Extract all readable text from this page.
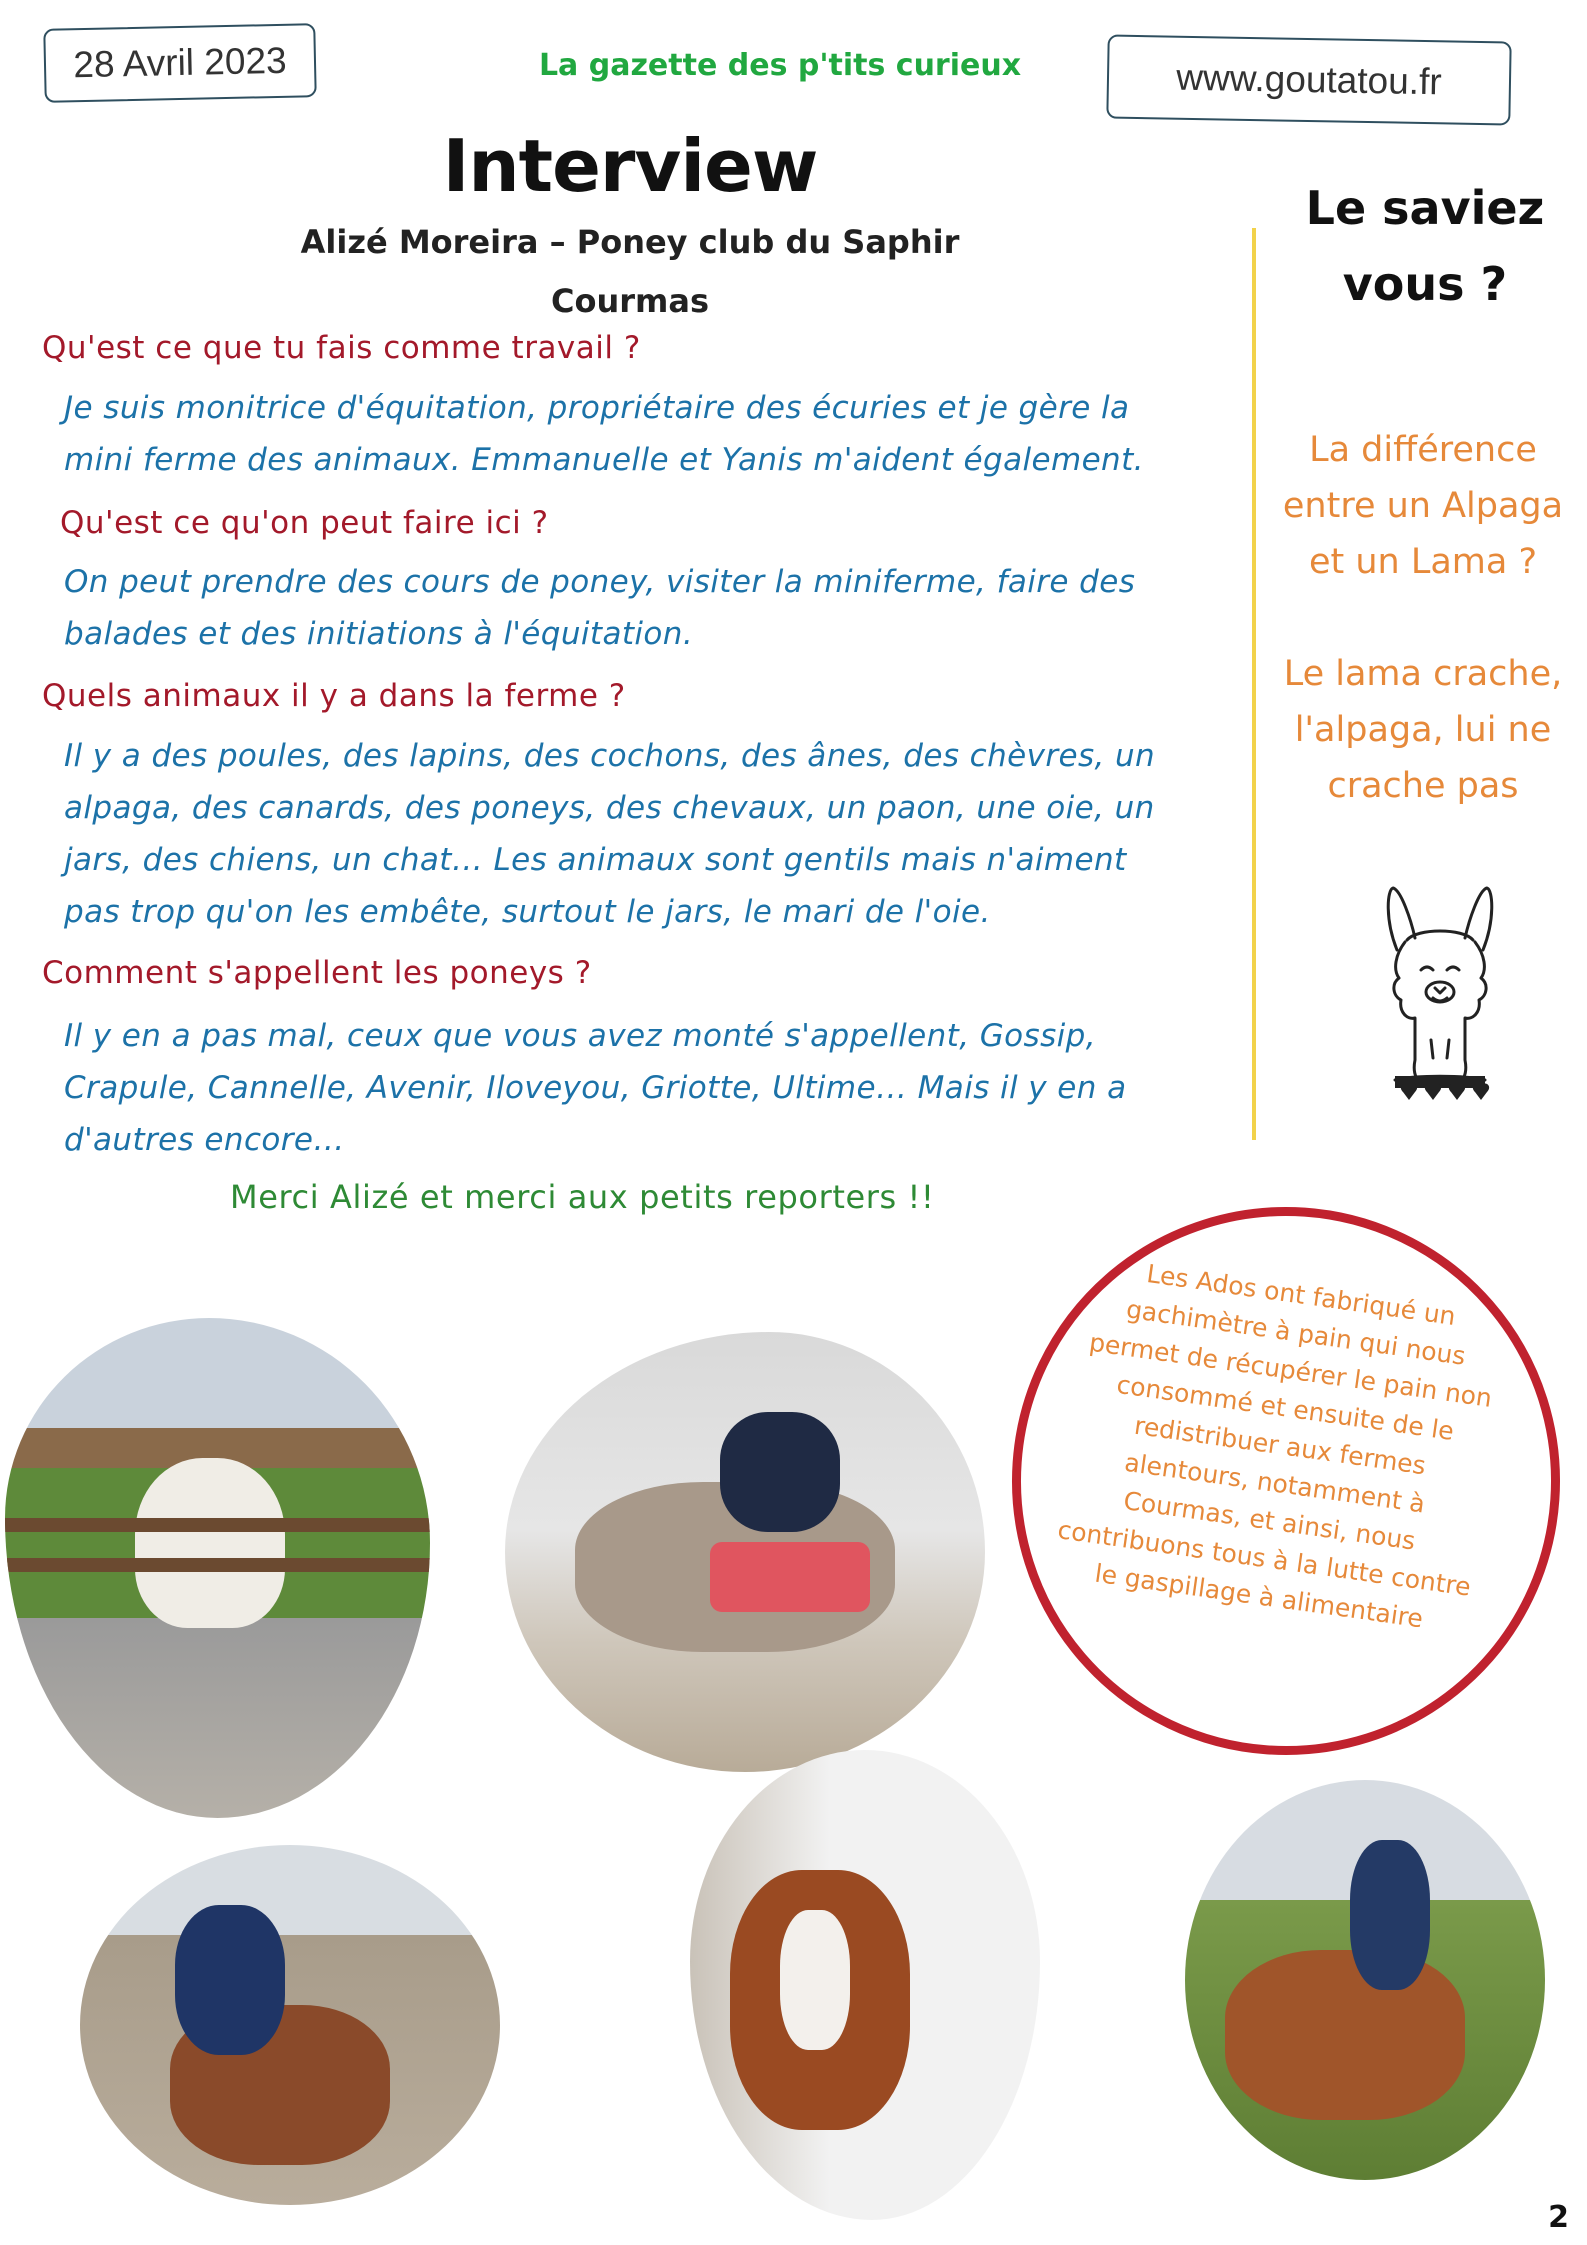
28 Avril 2023	La gazette des p'tits curieux	www.goutatou.fr
Interview
Alizé Moreira – Poney club du Saphir
Courmas
Qu'est ce que tu fais comme travail ?
Je suis monitrice d'équitation, propriétaire des écuries et je gère la
mini ferme des animaux. Emmanuelle et Yanis m'aident également.
Qu'est ce qu'on peut faire ici ?
On peut prendre des cours de poney, visiter la miniferme, faire des
balades et des initiations à l'équitation.
Quels animaux il y a dans la ferme ?
Il y a des poules, des lapins, des cochons, des ânes, des chèvres, un
alpaga, des canards, des poneys, des chevaux, un paon, une oie, un
jars, des chiens, un chat… Les animaux sont gentils mais n'aiment
pas trop qu'on les embête, surtout le jars, le mari de l'oie.
Comment s'appellent les poneys ?
Il y en a pas mal, ceux que vous avez monté s'appellent, Gossip,
Crapule, Cannelle, Avenir, Iloveyou, Griotte, Ultime… Mais il y en a
d'autres encore…
Merci Alizé et merci aux petits reporters !!
Le saviez
vous ?
La différence entre un Alpaga et un Lama ?
Le lama crache, l'alpaga, lui ne crache pas
Les Ados ont fabriqué un gachimètre à pain qui nous permet de récupérer le pain non consommé et ensuite de le redistribuer aux fermes alentours, notamment à Courmas, et ainsi, nous contribuons tous à la lutte contre le gaspillage à alimentaire
2
